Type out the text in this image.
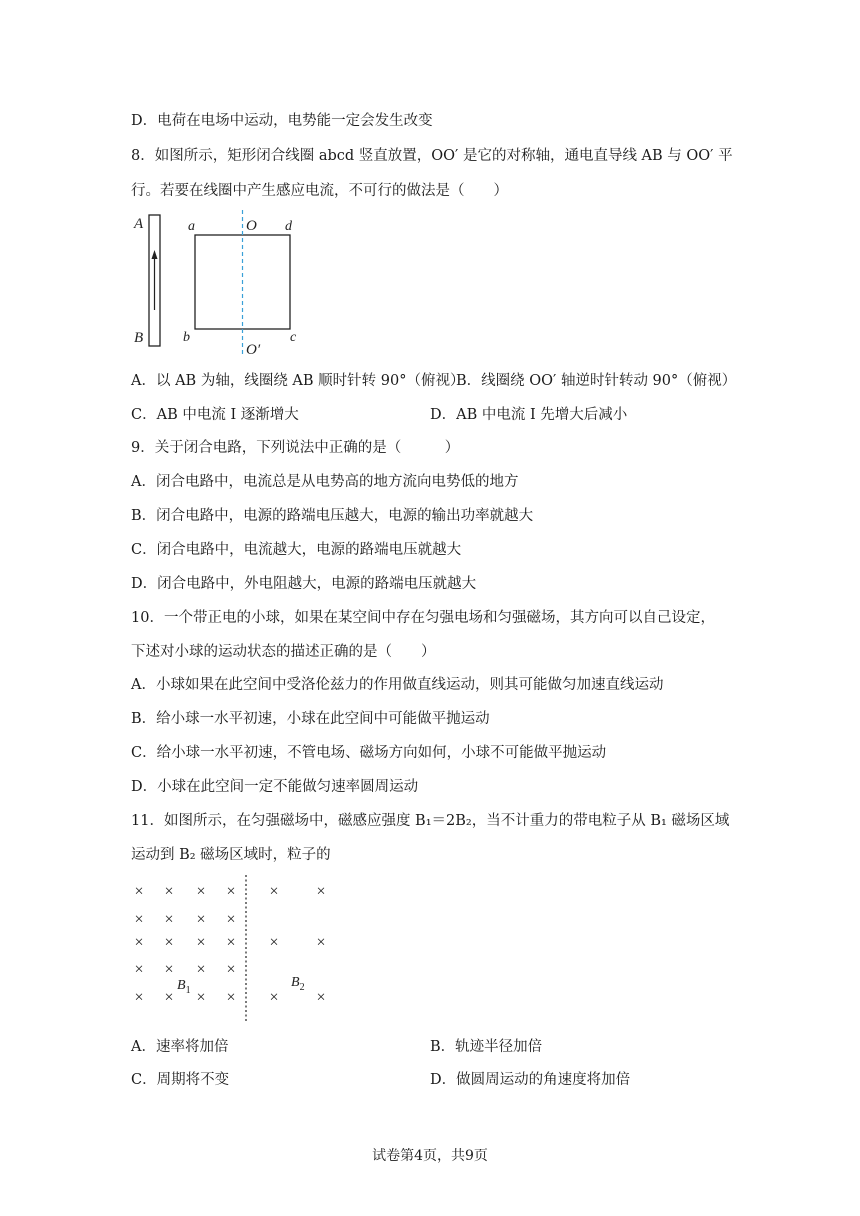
D．电荷在电场中运动，电势能一定会发生改变
8．如图所示，矩形闭合线圈 abcd 竖直放置，OO′ 是它的对称轴，通电直导线 AB 与 OO′ 平
行。若要在线圈中产生感应电流，不可行的做法是（　　）
A
B
a	d
b	c
O
O′
A．以 AB 为轴，线圈绕 AB 顺时针转 90°（俯视）
B．线圈绕 OO′ 轴逆时针转动 90°（俯视）
C．AB 中电流 I 逐渐增大	D．AB 中电流 I 先增大后减小
9．关于闭合电路，下列说法中正确的是（　　　）
A．闭合电路中，电流总是从电势高的地方流向电势低的地方
B．闭合电路中，电源的路端电压越大，电源的输出功率就越大
C．闭合电路中，电流越大，电源的路端电压就越大
D．闭合电路中，外电阻越大，电源的路端电压就越大
10．一个带正电的小球，如果在某空间中存在匀强电场和匀强磁场，其方向可以自己设定，
下述对小球的运动状态的描述正确的是（　　）
A．小球如果在此空间中受洛伦兹力的作用做直线运动，则其可能做匀加速直线运动
B．给小球一水平初速，小球在此空间中可能做平抛运动
C．给小球一水平初速，不管电场、磁场方向如何，小球不可能做平抛运动
D．小球在此空间一定不能做匀速率圆周运动
11．如图所示，在匀强磁场中，磁感应强度 B₁＝2B₂，当不计重力的带电粒子从 B₁ 磁场区域
运动到 B₂ 磁场区域时，粒子的
× × × × × ×
× × × ×
× × × × × ×
× × × ×
× × × × × ×
$B_1$
$B_2$
A．速率将加倍	B．轨迹半径加倍
C．周期将不变	D．做圆周运动的角速度将加倍
试卷第4页，共9页
